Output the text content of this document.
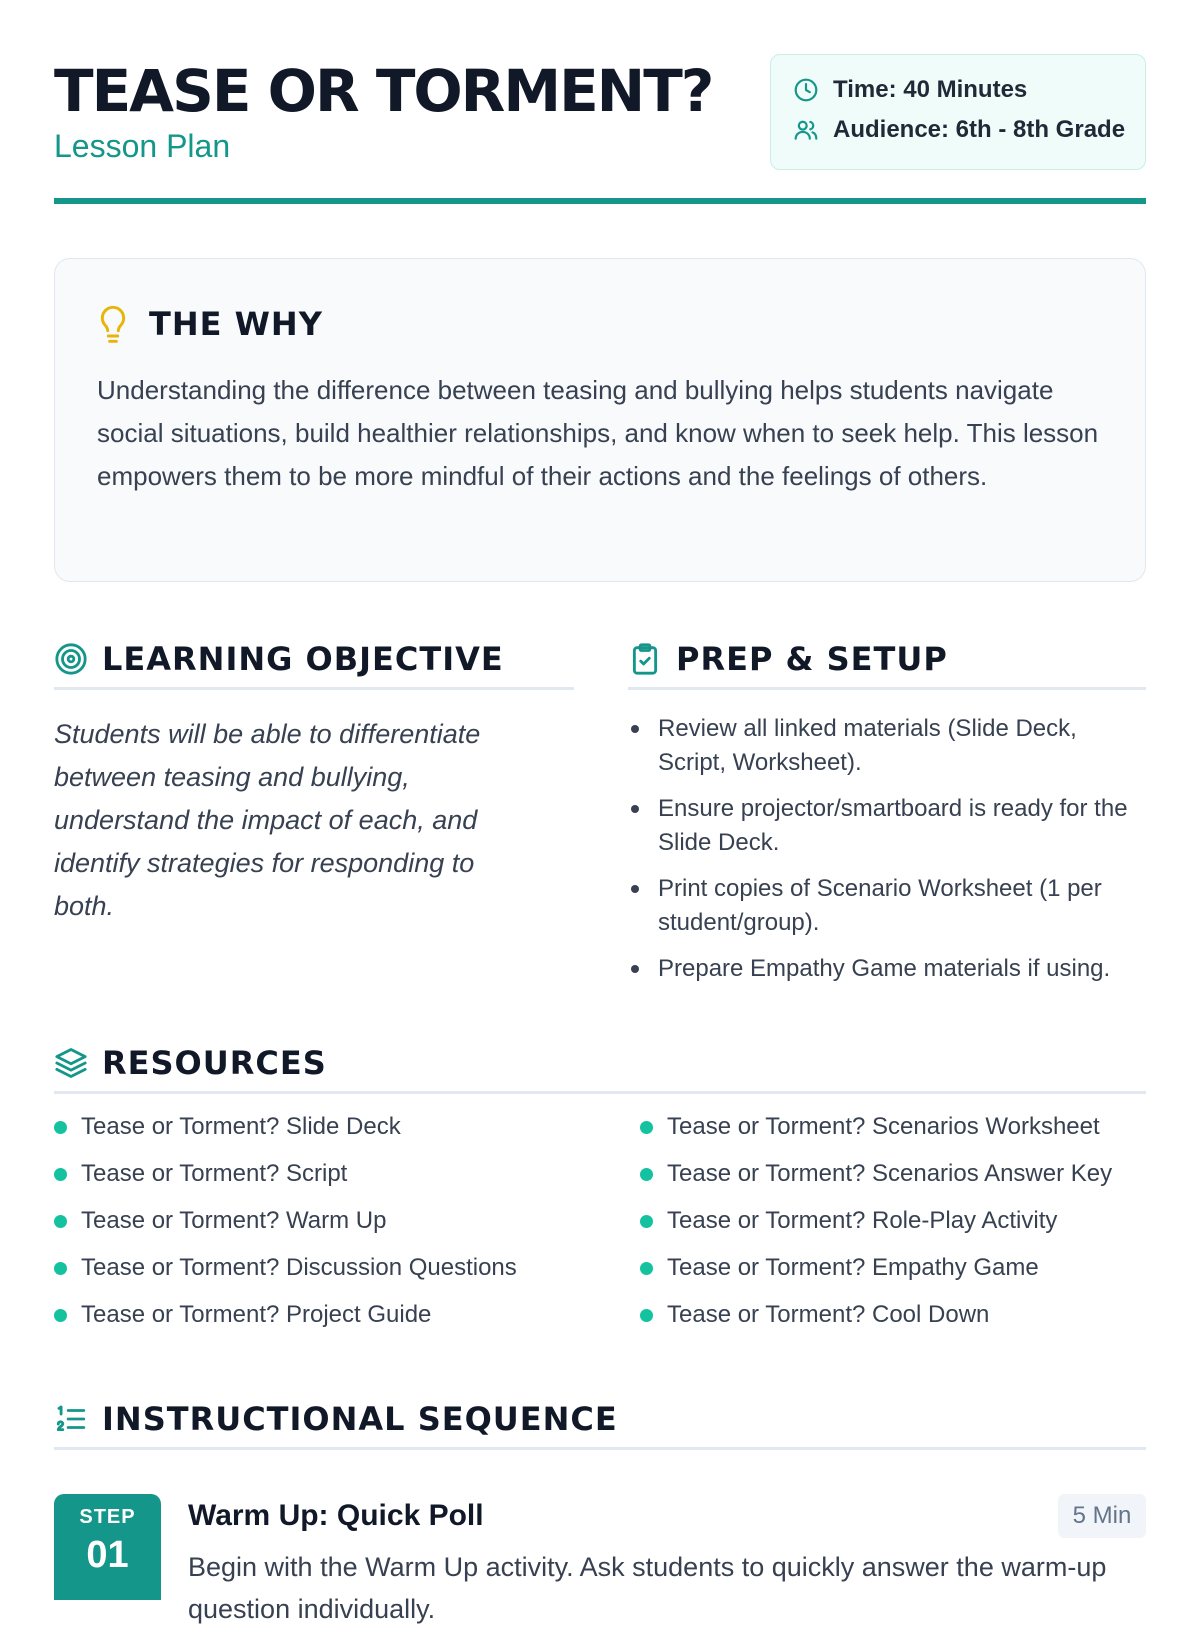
TEASE OR TORMENT?
Lesson Plan
Time: 40 Minutes
Audience: 6th - 8th Grade
THE WHY
Understanding the difference between teasing and bullying helps students navigate social situations, build healthier relationships, and know when to seek help. This lesson empowers them to be more mindful of their actions and the feelings of others.
LEARNING OBJECTIVE
Students will be able to differentiate between teasing and bullying, understand the impact of each, and identify strategies for responding to both.
PREP & SETUP
Review all linked materials (Slide Deck, Script, Worksheet).
Ensure projector/smartboard is ready for the Slide Deck.
Print copies of Scenario Worksheet (1 per student/group).
Prepare Empathy Game materials if using.
RESOURCES
Tease or Torment? Slide Deck
Tease or Torment? Script
Tease or Torment? Warm Up
Tease or Torment? Discussion Questions
Tease or Torment? Project Guide
Tease or Torment? Scenarios Worksheet
Tease or Torment? Scenarios Answer Key
Tease or Torment? Role-Play Activity
Tease or Torment? Empathy Game
Tease or Torment? Cool Down
INSTRUCTIONAL SEQUENCE
STEP
01
Warm Up: Quick Poll	5 Min
Begin with the Warm Up activity. Ask students to quickly answer the warm-up question individually.
